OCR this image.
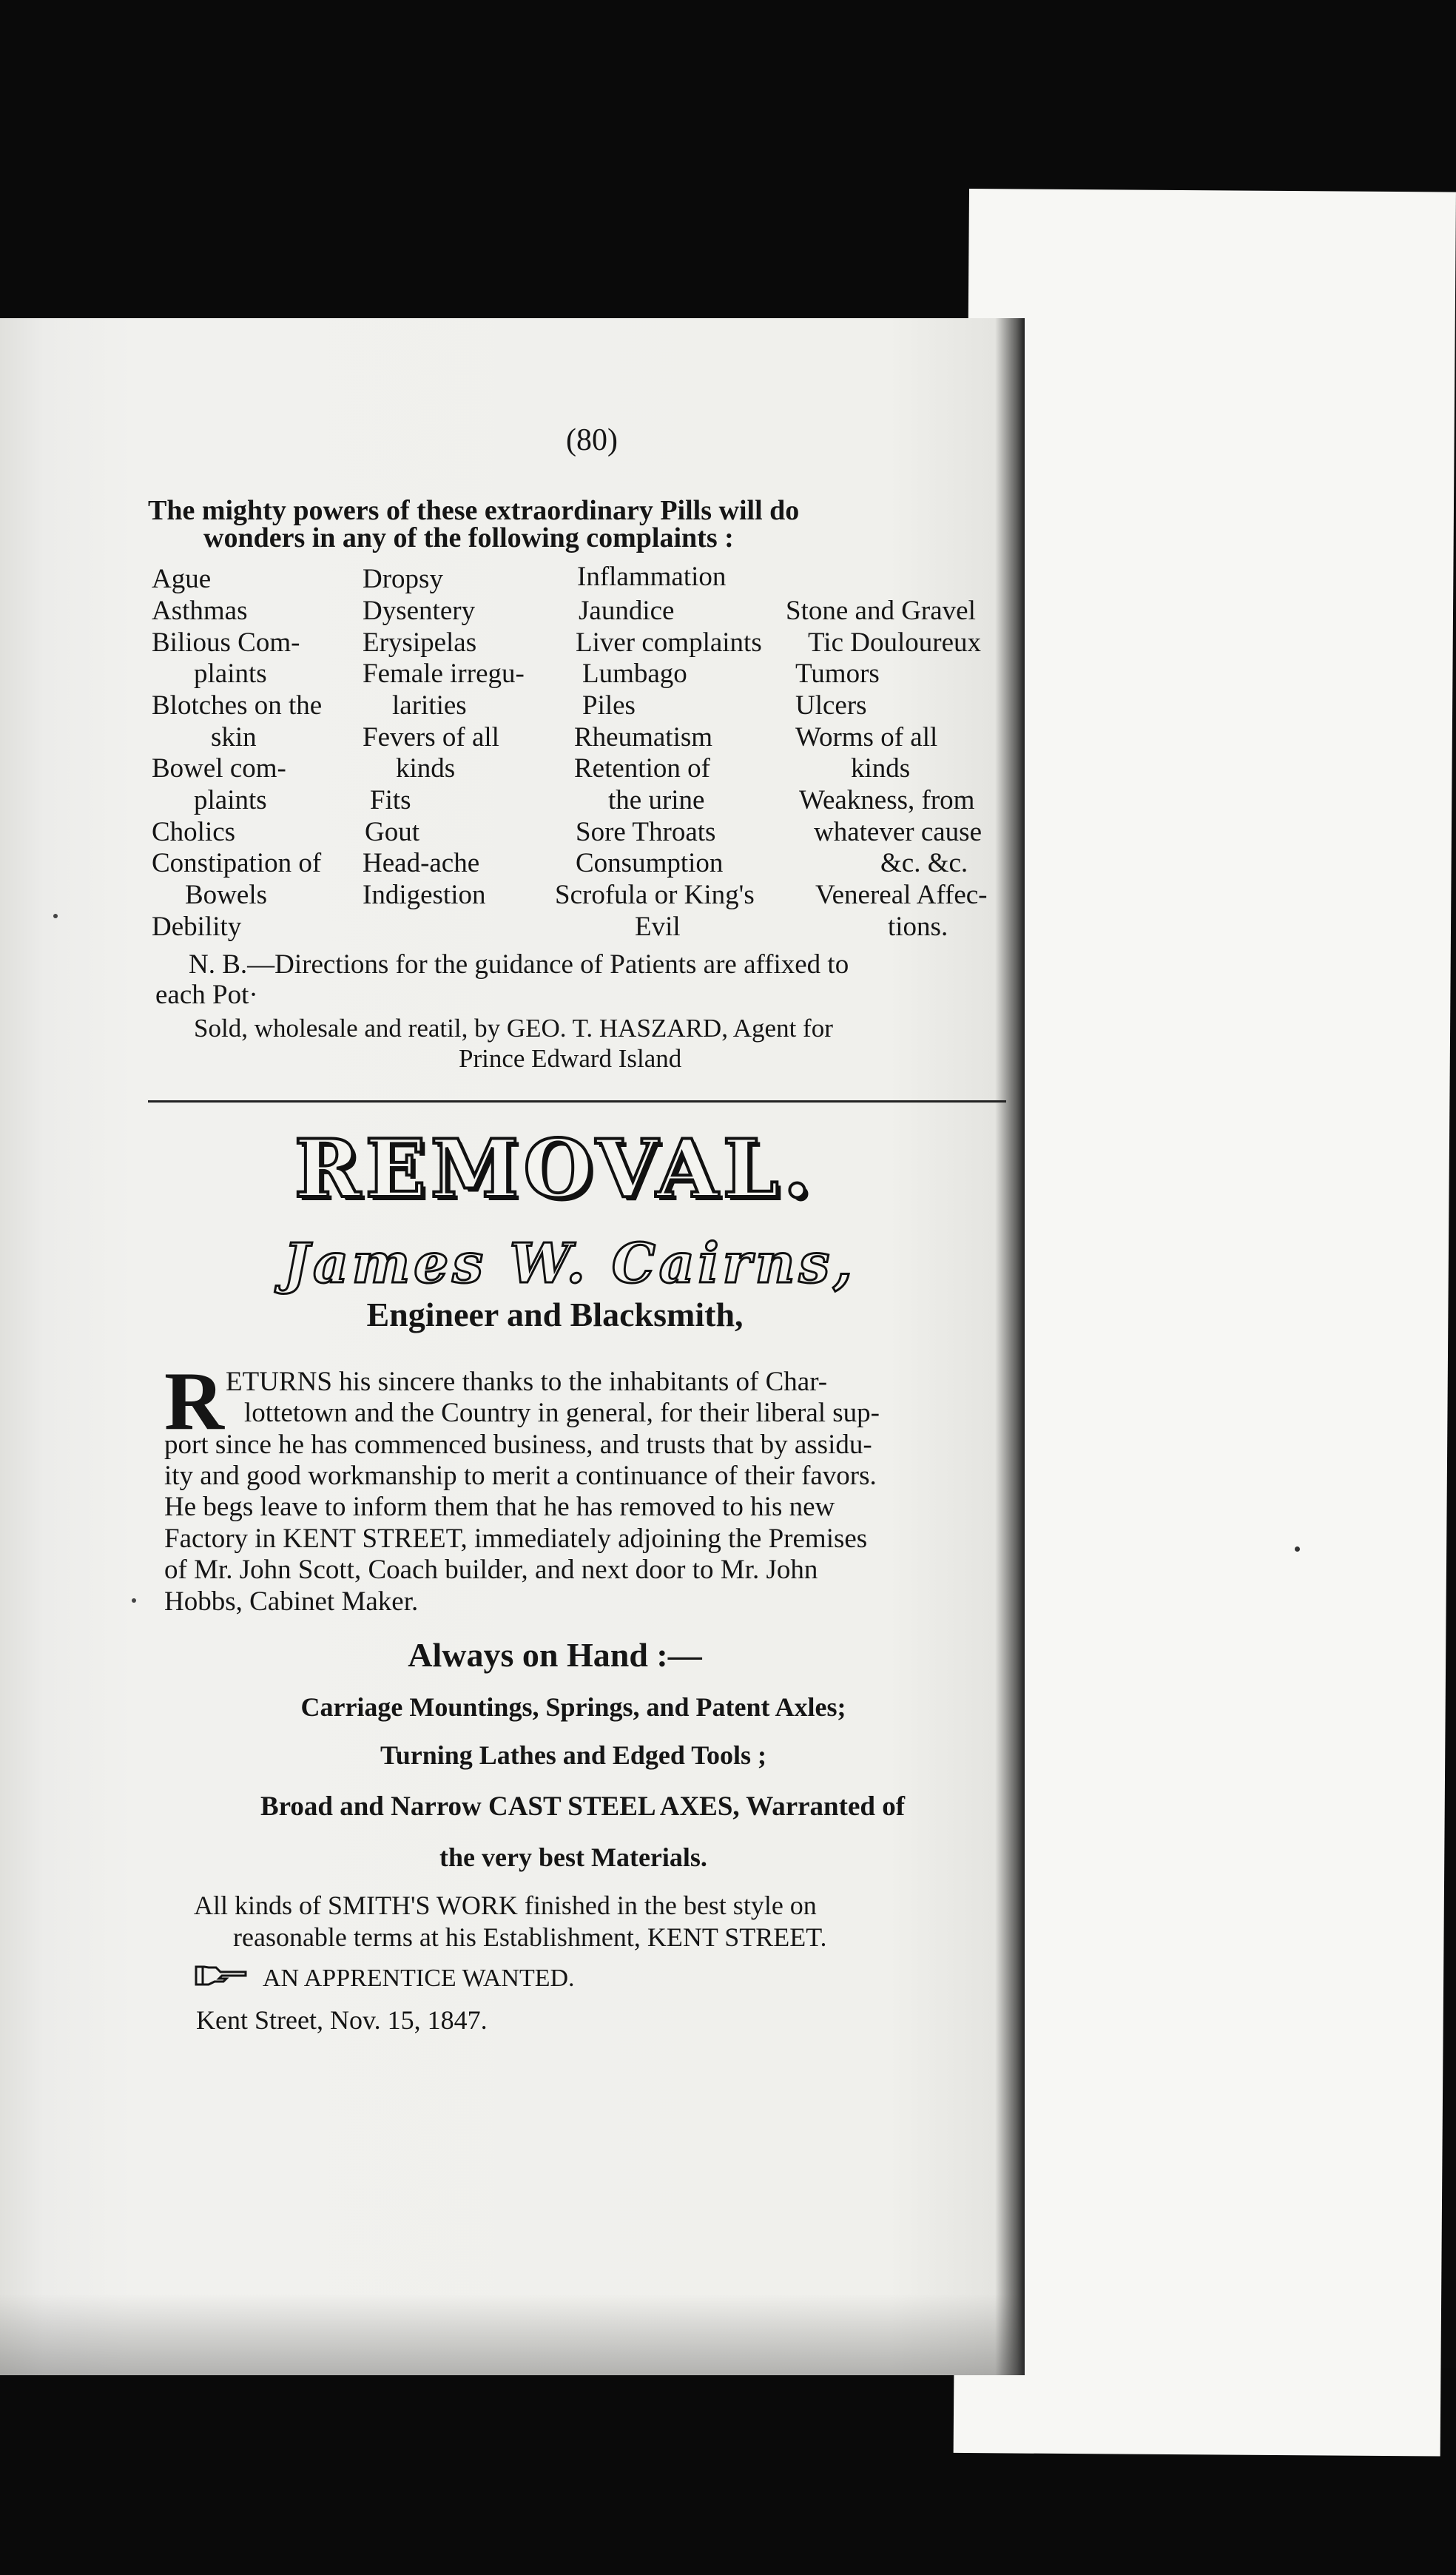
(80)
The mighty powers of these extraordinary Pills will do
wonders in any of the following complaints :
Ague
Asthmas
Bilious Com-
plaints
Blotches on the
skin
Bowel com-
plaints
Cholics
Constipation of
Bowels
Debility
Dropsy
Dysentery
Erysipelas
Female irregu-
larities
Fevers of all
kinds
Fits
Gout
Head-ache
Indigestion
Inflammation
Jaundice
Liver complaints
Lumbago
Piles
Rheumatism
Retention of
the urine
Sore Throats
Consumption
Scrofula or King's
Evil
Stone and Gravel
Tic Douloureux
Tumors
Ulcers
Worms of all
kinds
Weakness, from
whatever cause
&c. &c.
Venereal Affec-
tions.
N. B.—Directions for the guidance of Patients are affixed to
each Pot·
Sold, wholesale and reatil, by GEO. T. HASZARD, Agent for
Prince Edward Island
REMOVAL.
James W. Cairns,
Engineer and Blacksmith,
R ETURNS his sincere thanks to the inhabitants of Char-
lottetown and the Country in general, for their liberal sup-
port since he has commenced business, and trusts that by assidu-
ity and good workmanship to merit a continuance of their favors.
He begs leave to inform them that he has removed to his new
Factory in KENT STREET, immediately adjoining the Premises
of Mr. John Scott, Coach builder, and next door to Mr. John
Hobbs, Cabinet Maker.
Always on Hand :—
Carriage Mountings, Springs, and Patent Axles;
Turning Lathes and Edged Tools ;
Broad and Narrow CAST STEEL AXES, Warranted of
the very best Materials.
All kinds of SMITH'S WORK finished in the best style on
reasonable terms at his Establishment, KENT STREET.
AN APPRENTICE WANTED.
Kent Street, Nov. 15, 1847.
